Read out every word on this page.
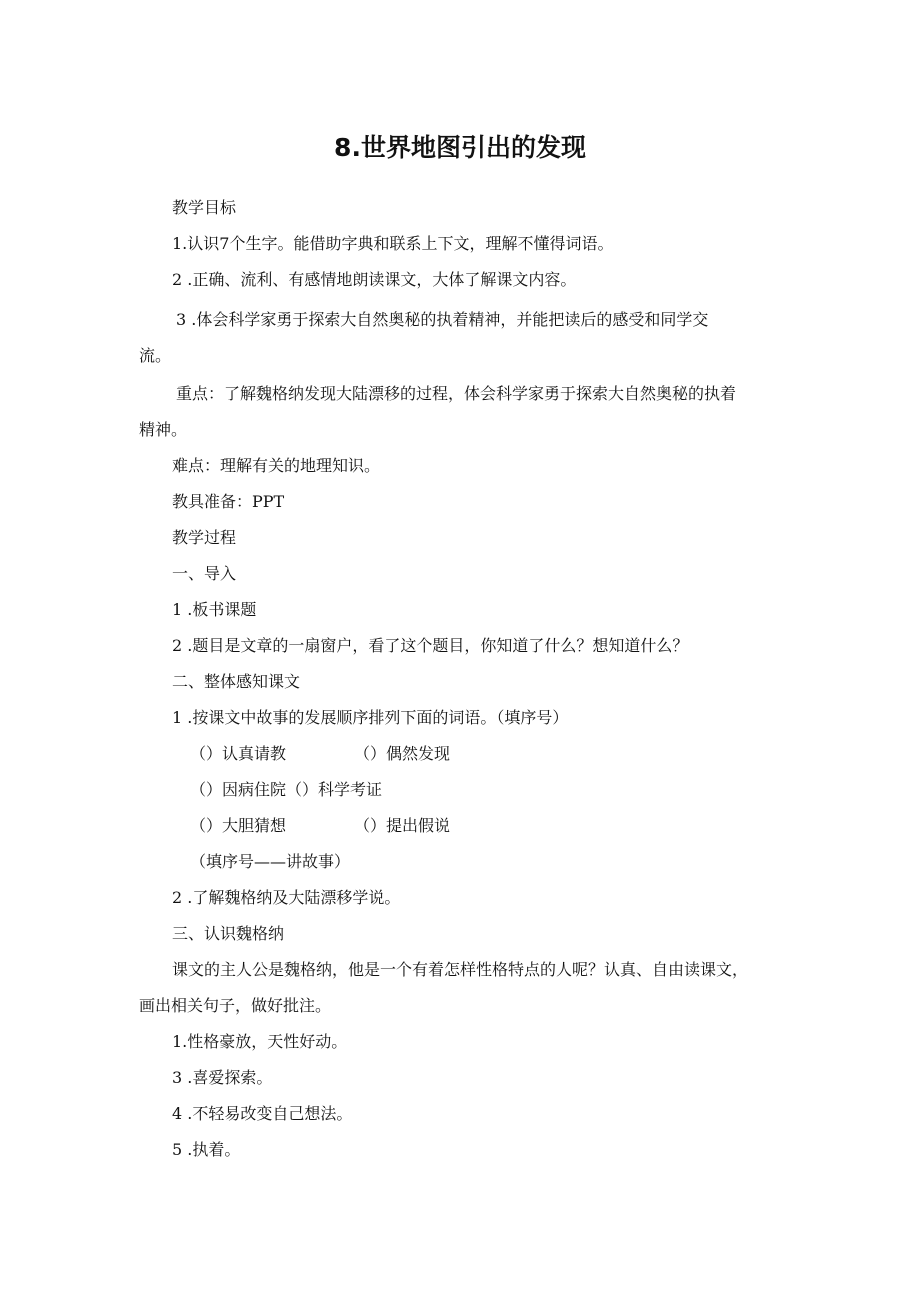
8.世界地图引出的发现
教学目标
1.认识7个生字。能借助字典和联系上下文，理解不懂得词语。
2 .正确、流利、有感情地朗读课文，大体了解课文内容。
3 .体会科学家勇于探索大自然奥秘的执着精神，并能把读后的感受和同学交
流。
重点：了解魏格纳发现大陆漂移的过程，体会科学家勇于探索大自然奥秘的执着
精神。
难点：理解有关的地理知识。
教具准备：PPT
教学过程
一、导入
1 .板书课题
2 .题目是文章的一扇窗户，看了这个题目，你知道了什么？想知道什么？
二、整体感知课文
1 .按课文中故事的发展顺序排列下面的词语。（填序号）
（）认真请教	（）偶然发现
（）因病住院（）科学考证
（）大胆猜想	（）提出假说
（填序号——讲故事）
2 .了解魏格纳及大陆漂移学说。
三、认识魏格纳
课文的主人公是魏格纳，他是一个有着怎样性格特点的人呢？认真、自由读课文，
画出相关句子，做好批注。
1.性格豪放，天性好动。
3 .喜爱探索。
4 .不轻易改变自己想法。
5 .执着。
